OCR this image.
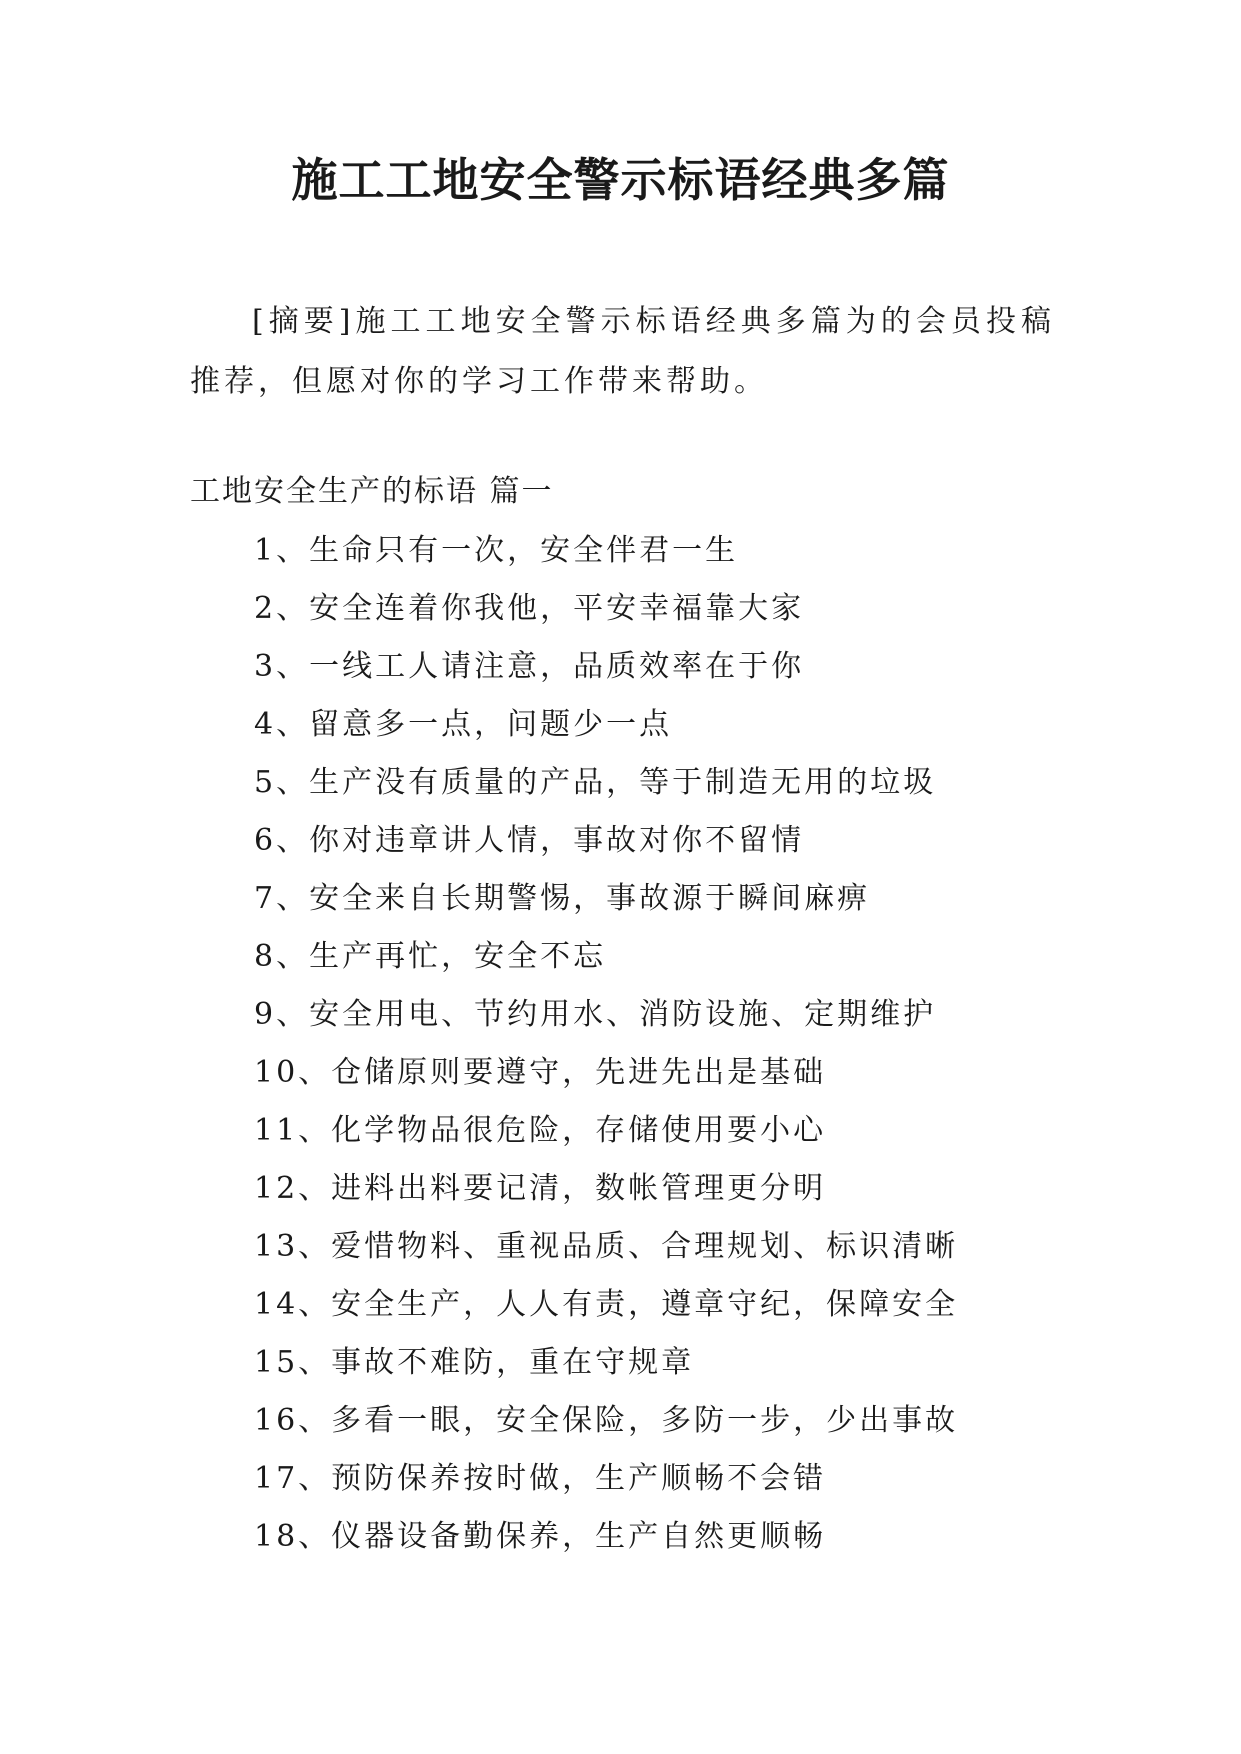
施工工地安全警示标语经典多篇

[摘要]施工工地安全警示标语经典多篇为的会员投稿推荐，但愿对你的学习工作带来帮助。

工地安全生产的标语 篇一
1、生命只有一次，安全伴君一生
2、安全连着你我他，平安幸福靠大家
3、一线工人请注意，品质效率在于你
4、留意多一点，问题少一点
5、生产没有质量的产品，等于制造无用的垃圾
6、你对违章讲人情，事故对你不留情
7、安全来自长期警惕，事故源于瞬间麻痹
8、生产再忙，安全不忘
9、安全用电、节约用水、消防设施、定期维护
10、仓储原则要遵守，先进先出是基础
11、化学物品很危险，存储使用要小心
12、进料出料要记清，数帐管理更分明
13、爱惜物料、重视品质、合理规划、标识清晰
14、安全生产，人人有责，遵章守纪，保障安全
15、事故不难防，重在守规章
16、多看一眼，安全保险，多防一步，少出事故
17、预防保养按时做，生产顺畅不会错
18、仪器设备勤保养，生产自然更顺畅
